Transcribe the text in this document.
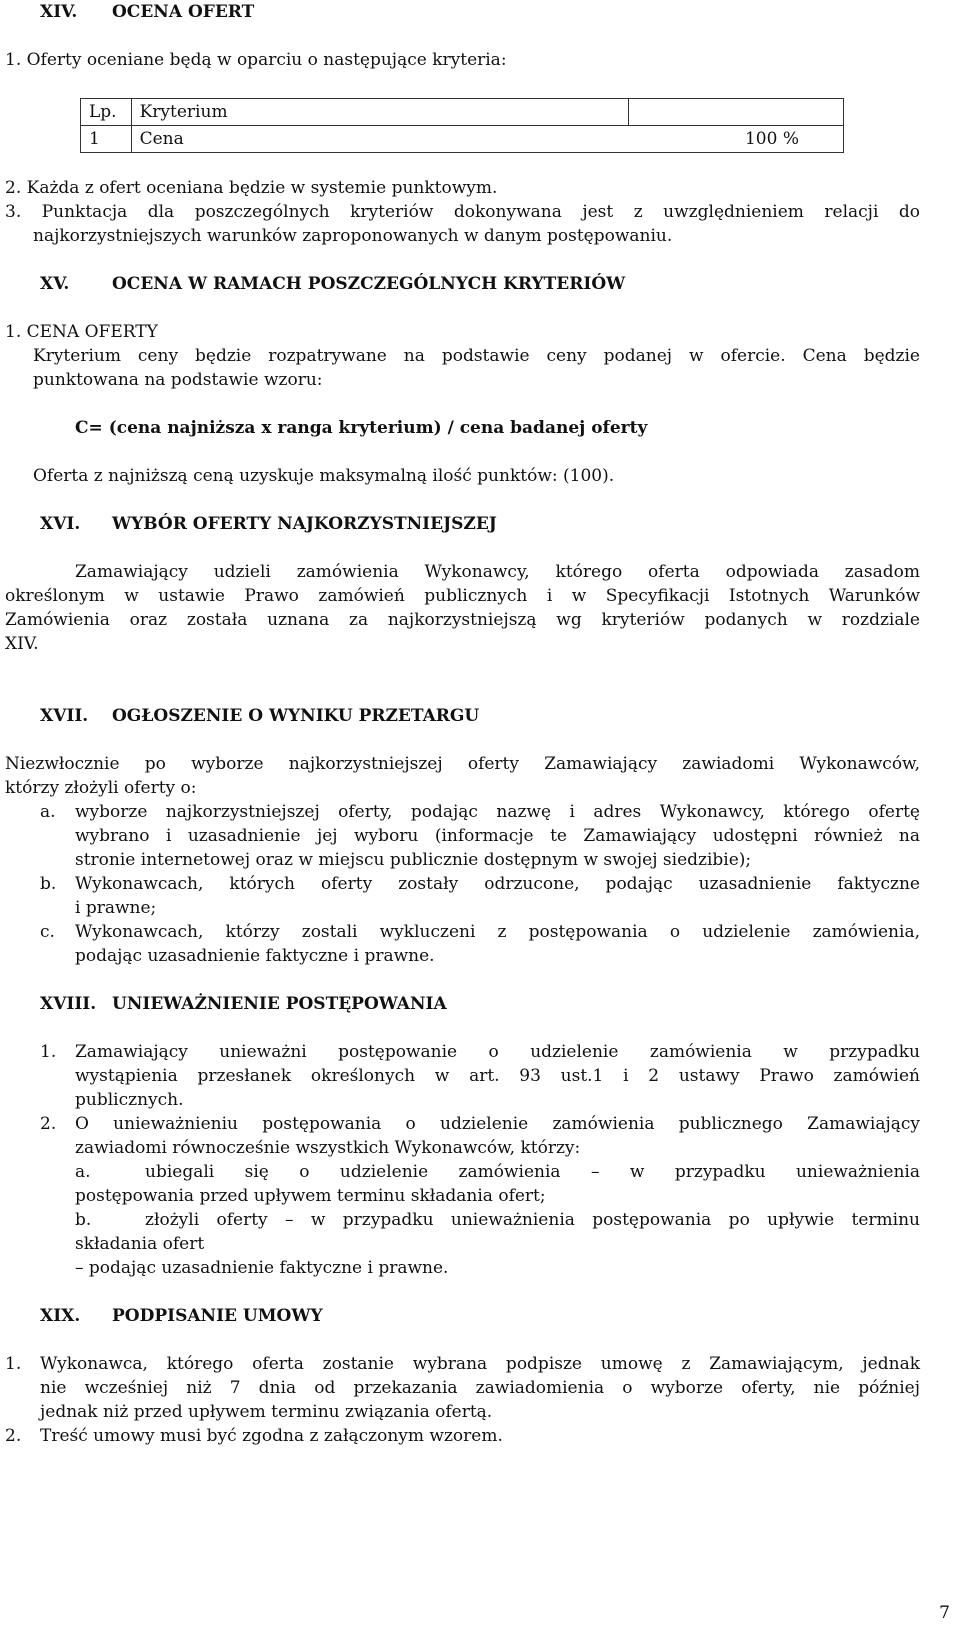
XIV. OCENA OFERT
1. Oferty oceniane będą w oparciu o następujące kryteria:
Lp.	Kryterium	
1	Cena	100 %
2. Każda z ofert oceniana będzie w systemie punktowym.
3. Punktacja dla poszczególnych kryteriów dokonywana jest z uwzględnieniem relacji do
najkorzystniejszych warunków zaproponowanych w danym postępowaniu.
XV.	OCENA W RAMACH POSZCZEGÓLNYCH KRYTERIÓW
1. CENA OFERTY
Kryterium ceny będzie rozpatrywane na podstawie ceny podanej w ofercie. Cena będzie
punktowana na podstawie wzoru:
C= (cena najniższa x ranga kryterium) / cena badanej oferty
Oferta z najniższą ceną uzyskuje maksymalną ilość punktów: (100).
XVI. WYBÓR OFERTY NAJKORZYSTNIEJSZEJ
Zamawiający udzieli zamówienia Wykonawcy, którego oferta odpowiada zasadom
określonym w ustawie Prawo zamówień publicznych i w Specyfikacji Istotnych Warunków
Zamówienia oraz została uznana za najkorzystniejszą wg kryteriów podanych w rozdziale
XIV.
XVII. OGŁOSZENIE O WYNIKU PRZETARGU
Niezwłocznie po wyborze najkorzystniejszej oferty Zamawiający zawiadomi Wykonawców,
którzy złożyli oferty o:
a. wyborze najkorzystniejszej oferty, podając nazwę i adres Wykonawcy, którego ofertę
wybrano i uzasadnienie jej wyboru (informacje te Zamawiający udostępni również na
stronie internetowej oraz w miejscu publicznie dostępnym w swojej siedzibie);
b. Wykonawcach, których oferty zostały odrzucone, podając uzasadnienie faktyczne
i prawne;
c. Wykonawcach, którzy zostali wykluczeni z postępowania o udzielenie zamówienia,
podając uzasadnienie faktyczne i prawne.
XVIII. UNIEWAŻNIENIE POSTĘPOWANIA
1. Zamawiający unieważni postępowanie o udzielenie zamówienia w przypadku
wystąpienia przesłanek określonych w art. 93 ust.1 i 2 ustawy Prawo zamówień
publicznych.
2. O unieważnieniu postępowania o udzielenie zamówienia publicznego Zamawiający
zawiadomi równocześnie wszystkich Wykonawców, którzy:
a.	ubiegali się o udzielenie zamówienia – w przypadku unieważnienia
postępowania przed upływem terminu składania ofert;
b.	złożyli oferty – w przypadku unieważnienia postępowania po upływie terminu
składania ofert
– podając uzasadnienie faktyczne i prawne.
XIX. PODPISANIE UMOWY
1. Wykonawca, którego oferta zostanie wybrana podpisze umowę z Zamawiającym, jednak
nie wcześniej niż 7 dnia od przekazania zawiadomienia o wyborze oferty, nie później
jednak niż przed upływem terminu związania ofertą.
2. Treść umowy musi być zgodna z załączonym wzorem.
7
